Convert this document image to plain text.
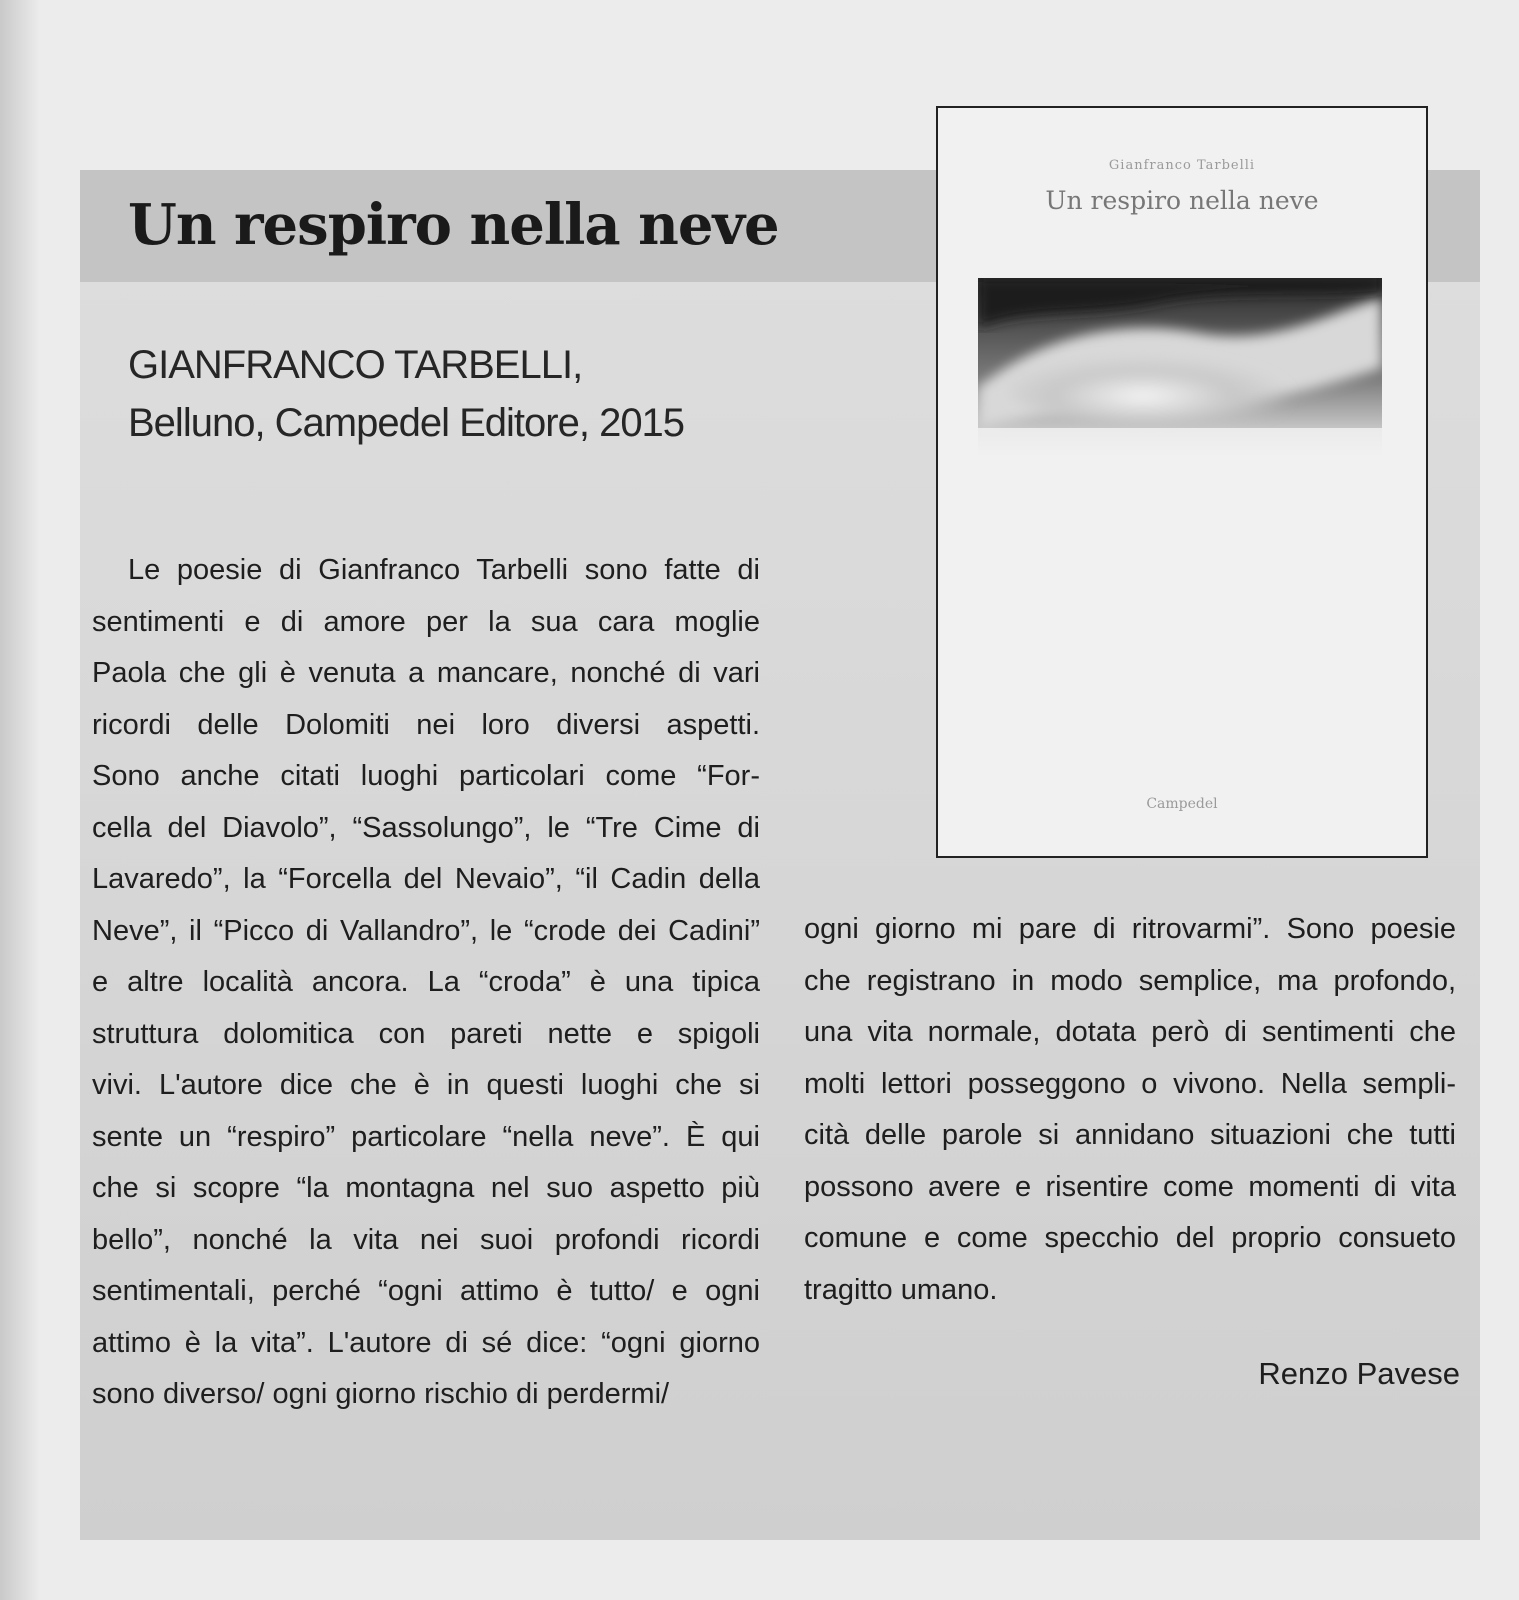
Un respiro nella neve
GIANFRANCO TARBELLI,
Belluno, Campedel Editore, 2015
Le poesie di Gianfranco Tarbelli sono fatte di
sentimenti e di amore per la sua cara moglie
Paola che gli è venuta a mancare, nonché di vari
ricordi delle Dolomiti nei loro diversi aspetti.
Sono anche citati luoghi particolari come “For-
cella del Diavolo”, “Sassolungo”, le “Tre Cime di
Lavaredo”, la “Forcella del Nevaio”, “il Cadin della
Neve”, il “Picco di Vallandro”, le “crode dei Cadini”
e altre località ancora. La “croda” è una tipica
struttura dolomitica con pareti nette e spigoli
vivi. L'autore dice che è in questi luoghi che si
sente un “respiro” particolare “nella neve”. È qui
che si scopre “la montagna nel suo aspetto più
bello”, nonché la vita nei suoi profondi ricordi
sentimentali, perché “ogni attimo è tutto/ e ogni
attimo è la vita”. L'autore di sé dice: “ogni giorno
sono diverso/ ogni giorno rischio di perdermi/
ogni giorno mi pare di ritrovarmi”. Sono poesie
che registrano in modo semplice, ma profondo,
una vita normale, dotata però di sentimenti che
molti lettori posseggono o vivono. Nella sempli-
cità delle parole si annidano situazioni che tutti
possono avere e risentire come momenti di vita
comune e come specchio del proprio consueto
tragitto umano.
Renzo Pavese
Gianfranco Tarbelli
Un respiro nella neve
Campedel
